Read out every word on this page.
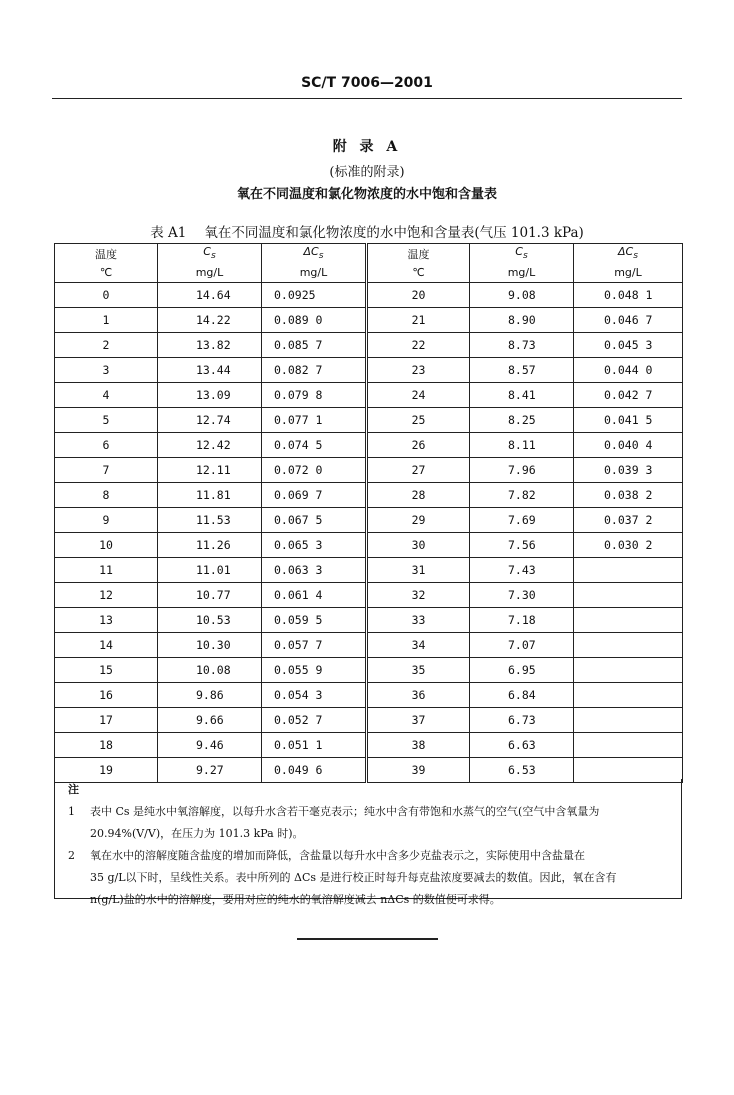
SC/T 7006—2001
附 录 A
(标准的附录)
氧在不同温度和氯化物浓度的水中饱和含量表
表 A1 氧在不同温度和氯化物浓度的水中饱和含量表(气压 101.3 kPa)
温度	$C_s$	$\Delta C_s$	温度	$C_s$	$\Delta C_s$
℃	mg/L	mg/L	℃	mg/L	mg/L
0	14.64	0.0925	20	9.08	0.048 1
1	14.22	0.089 0	21	8.90	0.046 7
2	13.82	0.085 7	22	8.73	0.045 3
3	13.44	0.082 7	23	8.57	0.044 0
4	13.09	0.079 8	24	8.41	0.042 7
5	12.74	0.077 1	25	8.25	0.041 5
6	12.42	0.074 5	26	8.11	0.040 4
7	12.11	0.072 0	27	7.96	0.039 3
8	11.81	0.069 7	28	7.82	0.038 2
9	11.53	0.067 5	29	7.69	0.037 2
10	11.26	0.065 3	30	7.56	0.030 2
11	11.01	0.063 3	31	7.43	
12	10.77	0.061 4	32	7.30	
13	10.53	0.059 5	33	7.18	
14	10.30	0.057 7	34	7.07	
15	10.08	0.055 9	35	6.95	
16	9.86	0.054 3	36	6.84	
17	9.66	0.052 7	37	6.73	
18	9.46	0.051 1	38	6.63	
19	9.27	0.049 6	39	6.53	
注
1	表中 Cs 是纯水中氧溶解度，以每升水含若干毫克表示；纯水中含有带饱和水蒸气的空气(空气中含氧量为
20.94%(V/V)，在压力为 101.3 kPa 时)。
2	氧在水中的溶解度随含盐度的增加而降低，含盐量以每升水中含多少克盐表示之，实际使用中含盐量在
35 g/L以下时，呈线性关系。表中所列的 ΔCs 是进行校正时每升每克盐浓度要减去的数值。因此，氧在含有
n(g/L)盐的水中的溶解度，要用对应的纯水的氧溶解度减去 nΔCs 的数值便可求得。
